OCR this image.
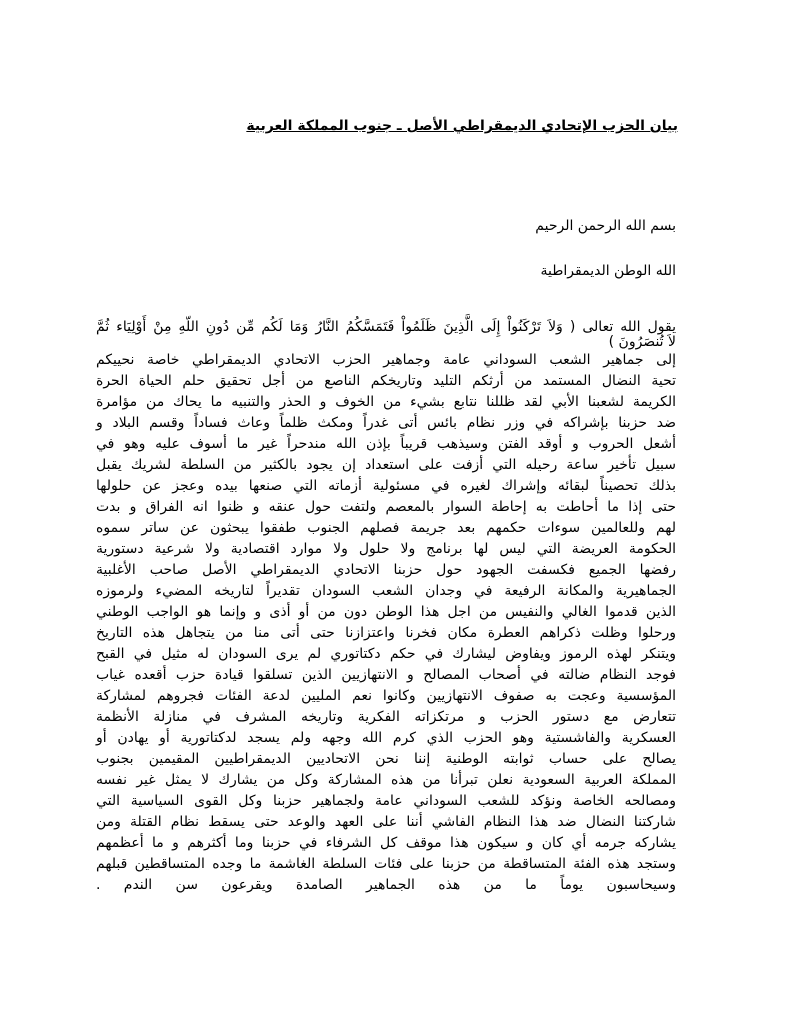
بيان الحزب الإتحادي الديمقراطي الأصل ـ جنوب المملكة العربية
بسم الله الرحمن الرحيم
الله الوطن الديمقراطية
يقول الله تعالى ( وَلاَ تَرْكَنُواْ إِلَى الَّذِينَ ظَلَمُواْ فَتَمَسَّكُمُ النَّارُ وَمَا لَكُم مِّن دُونِ اللّهِ مِنْ أَوْلِيَاء ثُمَّ
لاَ تُنصَرُونَ )
إلى جماهير الشعب السوداني عامة وجماهير الحزب الاتحادي الديمقراطي خاصة نحييكم
تحية النضال المستمد من أرثكم التليد وتاريخكم الناصع من أجل تحقيق حلم الحياة الحرة
الكريمة لشعبنا الأبي لقد ظللنا نتابع بشيء من الخوف و الحذر والتنبيه ما يحاك من مؤامرة
ضد حزبنا بإشراكه في وزر نظام بائس أتى غدراً ومكث ظلماً وعاث فساداً وقسم البلاد و
أشعل الحروب و أوقد الفتن وسيذهب قريباً بإذن الله مندحراً غير ما أسوف عليه وهو في
سبيل تأخير ساعة رحيله التي أزفت على استعداد إن يجود بالكثير من السلطة لشريك يقبل
بذلك تحصيناً لبقائه وإشراك لغيره في مسئولية أزماته التي صنعها بيده وعجز عن حلولها
حتى إذا ما أحاطت به إحاطة السوار بالمعصم ولتفت حول عنقه و ظنوا انه الفراق و بدت
لهم وللعالمين سوءات حكمهم بعد جريمة فصلهم الجنوب طفقوا يبحثون عن ساتر سموه
الحكومة العريضة التي ليس لها برنامج ولا حلول ولا موارد اقتصادية ولا شرعية دستورية
رفضها الجميع فكسفت الجهود حول حزبنا الاتحادي الديمقراطي الأصل صاحب الأغلبية
الجماهيرية والمكانة الرفيعة في وجدان الشعب السودان تقديراً لتاريخه المضيء ولرموزه
الذين قدموا الغالي والنفيس من اجل هذا الوطن دون من أو أذى و وإنما هو الواجب الوطني
ورحلوا وظلت ذكراهم العطرة مكان فخرنا واعتزازنا حتى أتى منا من يتجاهل هذه التاريخ
ويتنكر لهذه الرموز ويفاوض ليشارك في حكم دكتاتوري لم يرى السودان له مثيل في القبح
فوجد النظام ضالته في أصحاب المصالح و الانتهازيين الذين تسلقوا قيادة حزب أقعده غياب
المؤسسية وعجت به صفوف الانتهازيين وكانوا نعم المليين لدعة الفئات فجروهم لمشاركة
تتعارض مع دستور الحزب و مرتكزاته الفكرية وتاريخه المشرف في منازلة الأنظمة
العسكرية والفاشستية وهو الحزب الذي كرم الله وجهه ولم يسجد لدكتاتورية أو يهادن أو
يصالح على حساب ثوابته الوطنية إننا نحن الاتحاديين الديمقراطيين المقيمين بجنوب
المملكة العربية السعودية نعلن تبرأنا من هذه المشاركة وكل من يشارك لا يمثل غير نفسه
ومصالحه الخاصة ونؤكد للشعب السوداني عامة ولجماهير حزبنا وكل القوى السياسية التي
شاركتنا النضال ضد هذا النظام الفاشي أننا على العهد والوعد حتى يسقط نظام القتلة ومن
يشاركه جرمه أي كان و سيكون هذا موقف كل الشرفاء في حزبنا وما أكثرهم و ما أعظمهم
وستجد هذه الفئة المتساقطة من حزبنا على فئات السلطة الغاشمة ما وجده المتساقطين قبلهم
وسيحاسبون يوماً ما من هذه الجماهير الصامدة ويقرعون سن الندم .
